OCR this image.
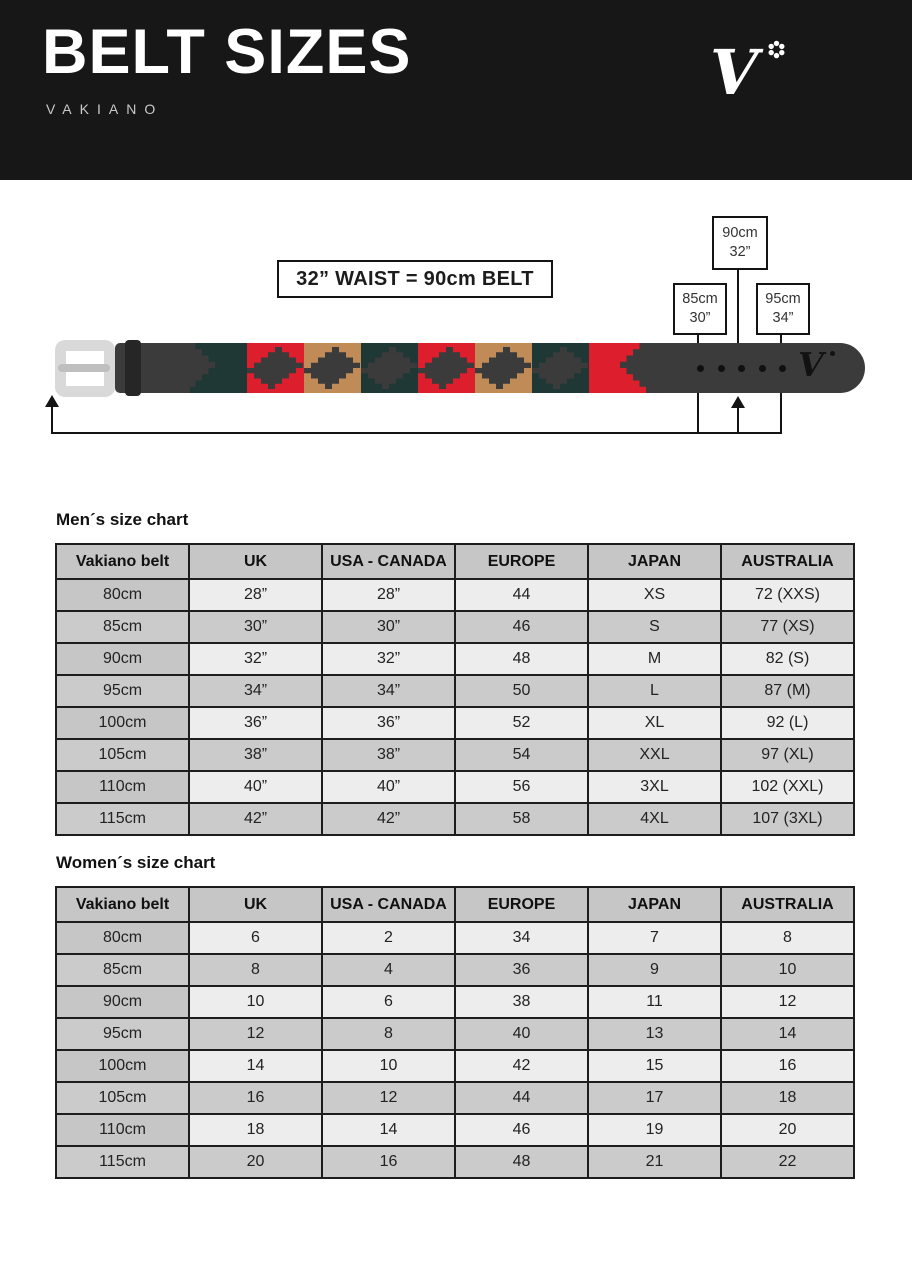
BELT SIZES
VAKIANO	V
32” WAIST = 90cm BELT
90cm
32”
85cm
30”
95cm
34”
V
Men´s size chart
Vakiano belt	UK	USA - CANADA	EUROPE	JAPAN	AUSTRALIA
80cm	28”	28”	44	XS	72 (XXS)
85cm	30”	30”	46	S	77 (XS)
90cm	32”	32”	48	M	82 (S)
95cm	34”	34”	50	L	87 (M)
100cm	36”	36”	52	XL	92 (L)
105cm	38”	38”	54	XXL	97 (XL)
110cm	40”	40”	56	3XL	102 (XXL)
115cm	42”	42”	58	4XL	107 (3XL)
Women´s size chart
Vakiano belt	UK	USA - CANADA	EUROPE	JAPAN	AUSTRALIA
80cm	6	2	34	7	8
85cm	8	4	36	9	10
90cm	10	6	38	11	12
95cm	12	8	40	13	14
100cm	14	10	42	15	16
105cm	16	12	44	17	18
110cm	18	14	46	19	20
115cm	20	16	48	21	22
